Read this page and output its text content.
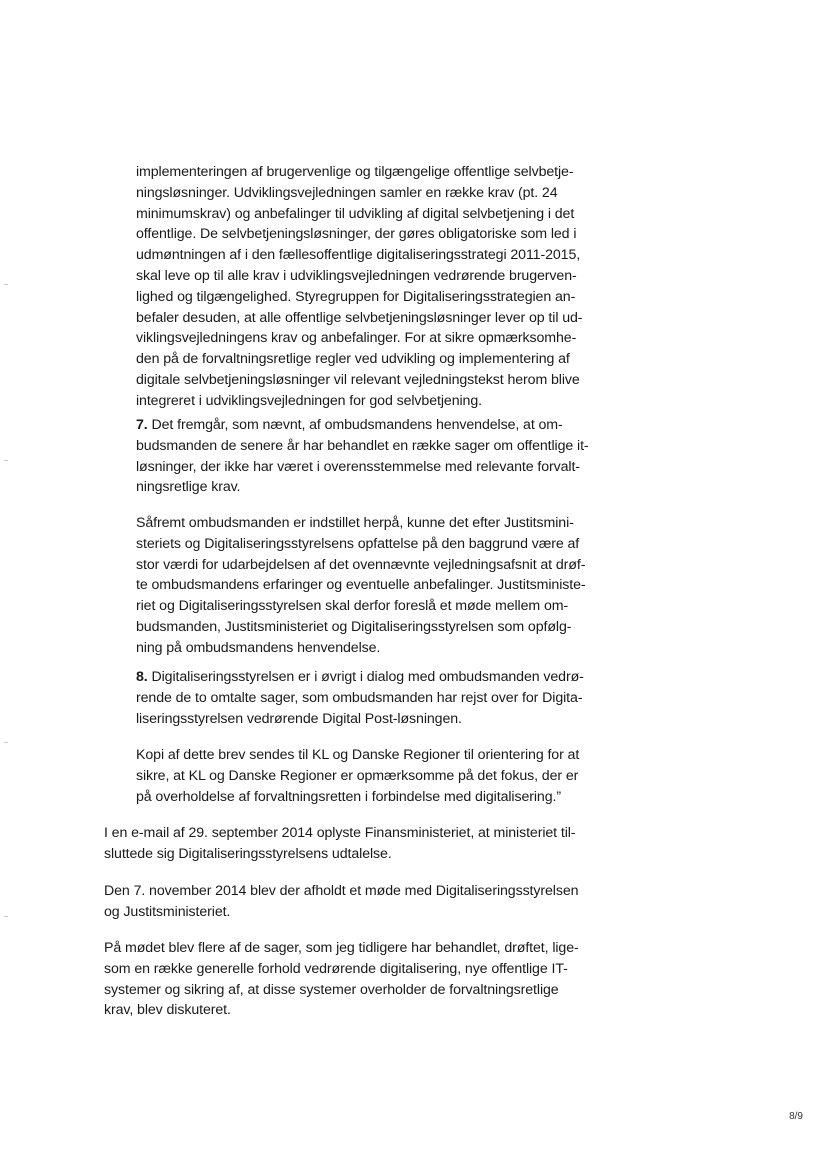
implementeringen af brugervenlige og tilgængelige offentlige selvbetje-
ningsløsninger. Udviklingsvejledningen samler en række krav (pt. 24
minimumskrav) og anbefalinger til udvikling af digital selvbetjening i det
offentlige. De selvbetjeningsløsninger, der gøres obligatoriske som led i
udmøntningen af i den fællesoffentlige digitaliseringsstrategi 2011-2015,
skal leve op til alle krav i udviklingsvejledningen vedrørende brugerven-
lighed og tilgængelighed. Styregruppen for Digitaliseringsstrategien an-
befaler desuden, at alle offentlige selvbetjeningsløsninger lever op til ud-
viklingsvejledningens krav og anbefalinger. For at sikre opmærksomhe-
den på de forvaltningsretlige regler ved udvikling og implementering af
digitale selvbetjeningsløsninger vil relevant vejledningstekst herom blive
integreret i udviklingsvejledningen for god selvbetjening.
7. Det fremgår, som nævnt, af ombudsmandens henvendelse, at om-
budsmanden de senere år har behandlet en række sager om offentlige it-
løsninger, der ikke har været i overensstemmelse med relevante forvalt-
ningsretlige krav.
Såfremt ombudsmanden er indstillet herpå, kunne det efter Justitsmini-
steriets og Digitaliseringsstyrelsens opfattelse på den baggrund være af
stor værdi for udarbejdelsen af det ovennævnte vejledningsafsnit at drøf-
te ombudsmandens erfaringer og eventuelle anbefalinger. Justitsministe-
riet og Digitaliseringsstyrelsen skal derfor foreslå et møde mellem om-
budsmanden, Justitsministeriet og Digitaliseringsstyrelsen som opfølg-
ning på ombudsmandens henvendelse.
8. Digitaliseringsstyrelsen er i øvrigt i dialog med ombudsmanden vedrø-
rende de to omtalte sager, som ombudsmanden har rejst over for Digita-
liseringsstyrelsen vedrørende Digital Post-løsningen.
Kopi af dette brev sendes til KL og Danske Regioner til orientering for at
sikre, at KL og Danske Regioner er opmærksomme på det fokus, der er
på overholdelse af forvaltningsretten i forbindelse med digitalisering.”
I en e-mail af 29. september 2014 oplyste Finansministeriet, at ministeriet til-
sluttede sig Digitaliseringsstyrelsens udtalelse.
Den 7. november 2014 blev der afholdt et møde med Digitaliseringsstyrelsen
og Justitsministeriet.
På mødet blev flere af de sager, som jeg tidligere har behandlet, drøftet, lige-
som en række generelle forhold vedrørende digitalisering, nye offentlige IT-
systemer og sikring af, at disse systemer overholder de forvaltningsretlige
krav, blev diskuteret.
8/9
